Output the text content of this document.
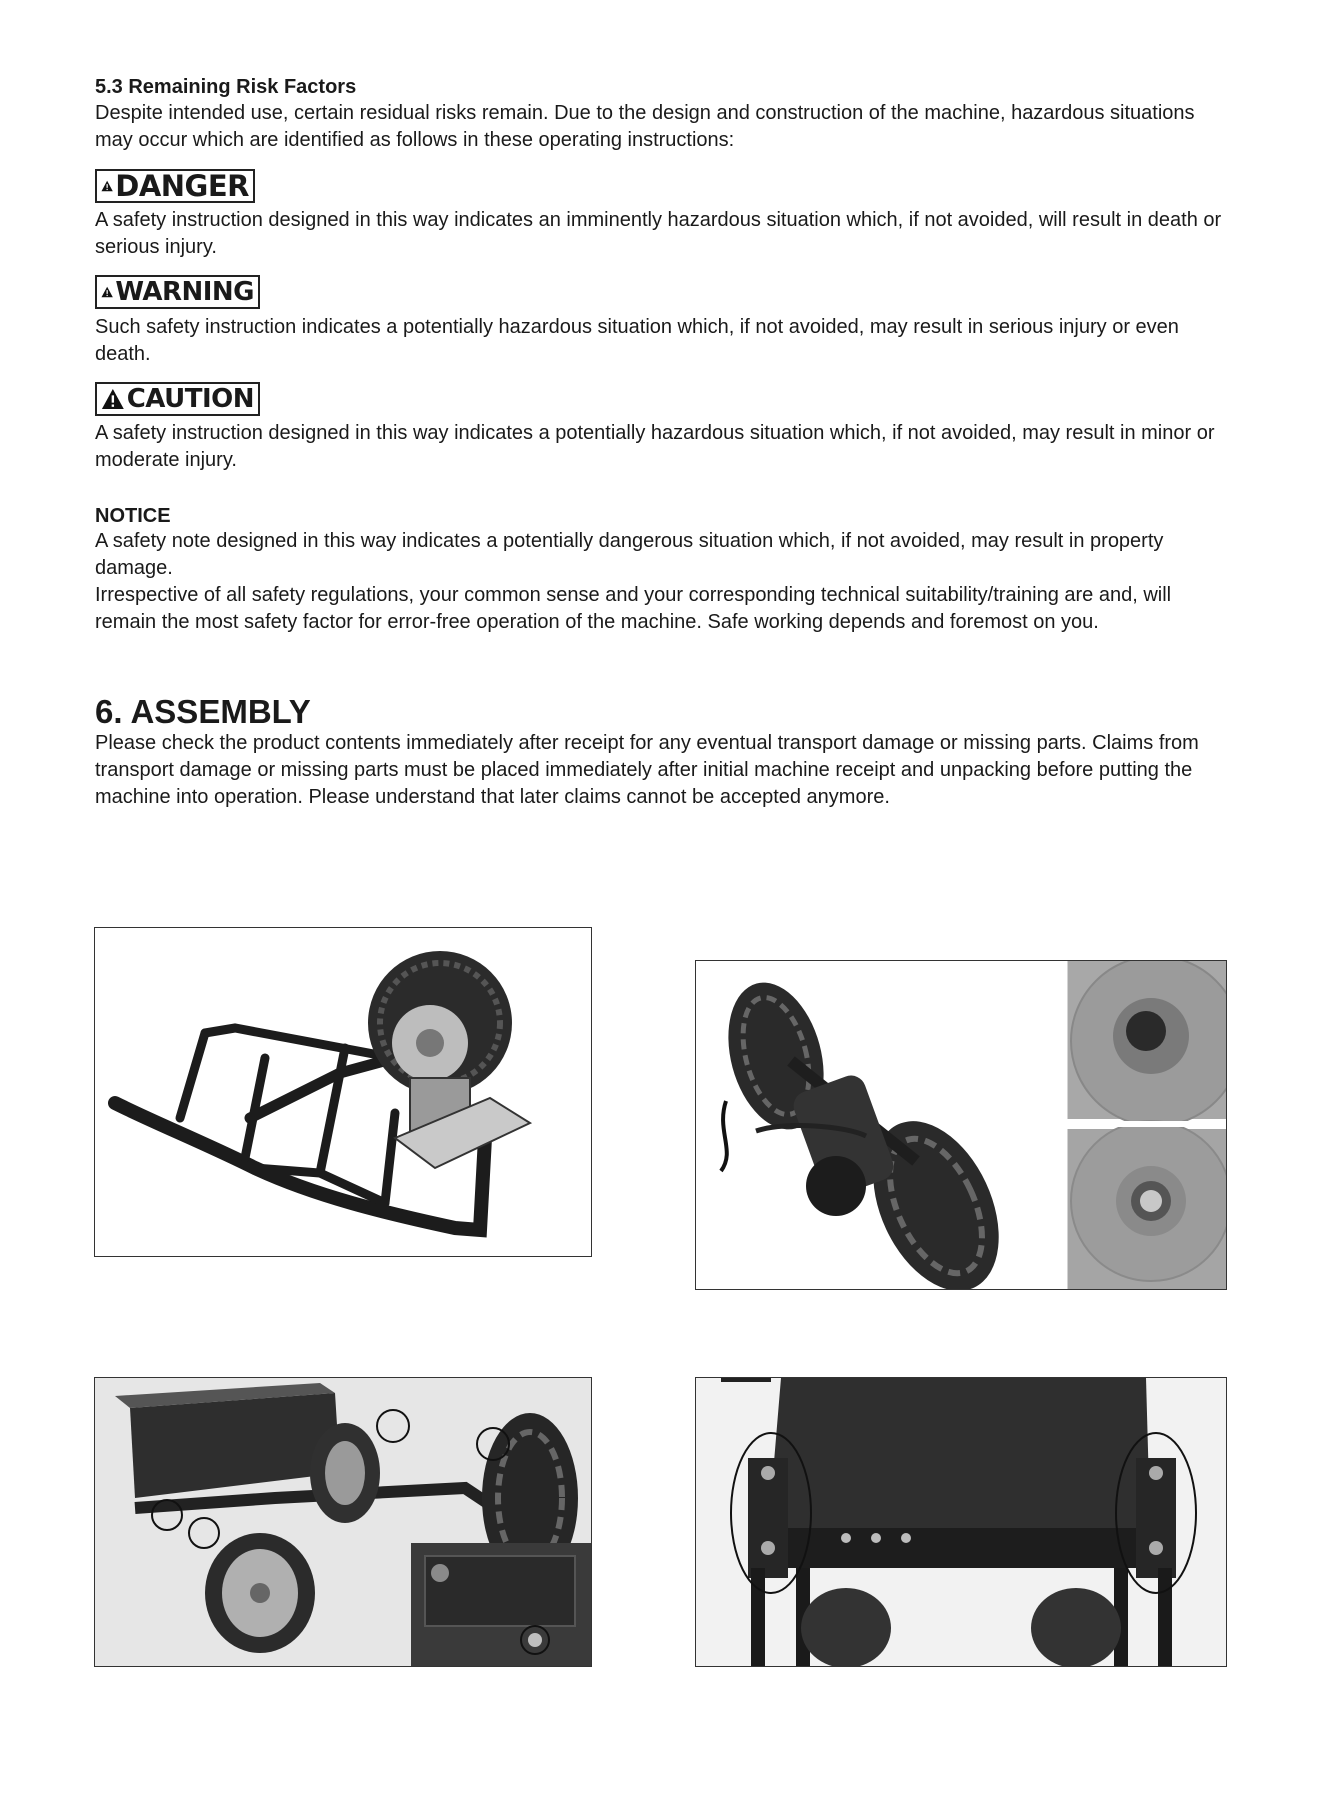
5.3 Remaining Risk Factors
Despite intended use, certain residual risks remain. Due to the design and construction of the machine, hazardous situations may occur which are identified as follows in these operating instructions:
DANGER
A safety instruction designed in this way indicates an imminently hazardous situation which, if not avoided, will result in death or serious injury.
WARNING
Such safety instruction indicates a potentially hazardous situation which, if not avoided, may result in serious injury or even death.
CAUTION
A safety instruction designed in this way indicates a potentially hazardous situation which, if not avoided, may result in minor or moderate injury.
NOTICE
A safety note designed in this way indicates a potentially dangerous situation which, if not avoided, may result in property damage.
Irrespective of all safety regulations, your common sense and your corresponding technical suitability/training are and, will remain the most safety factor for error-free operation of the machine. Safe working depends and foremost on you.
6. ASSEMBLY
Please check the product contents immediately after receipt for any eventual transport damage or missing parts. Claims from transport damage or missing parts must be placed immediately after initial machine receipt and unpacking before putting the machine into operation. Please understand that later claims cannot be accepted anymore.
